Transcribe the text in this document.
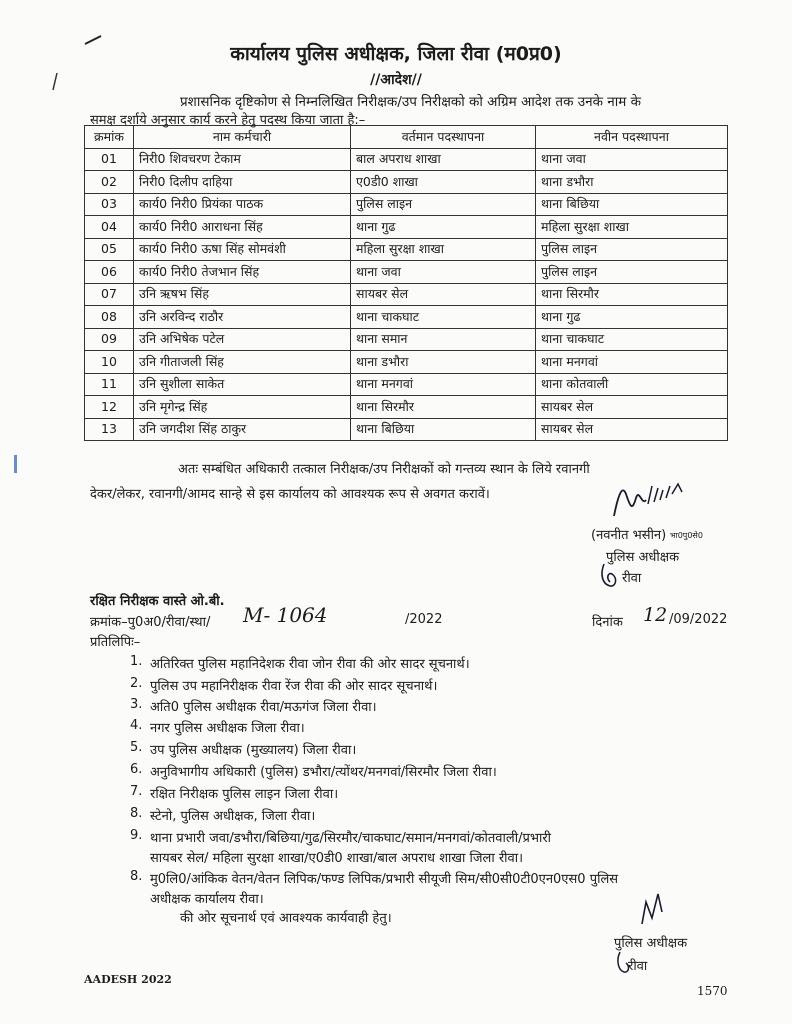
कार्यालय पुलिस अधीक्षक, जिला रीवा (म0प्र0)
//आदेश//
प्रशासनिक दृष्टिकोण से निम्नलिखित निरीक्षक/उप निरीक्षको को अग्रिम आदेश तक उनके नाम के
समक्ष दर्शाये अनुसार कार्य करने हेतु पदस्थ किया जाता है:–
क्रमांक	नाम कर्मचारी	वर्तमान पदस्थापना	नवीन पदस्थापना
01	निरी0 शिवचरण टेकाम	बाल अपराध शाखा	थाना जवा
02	निरी0 दिलीप दाहिया	ए0डी0 शाखा	थाना डभौरा
03	कार्य0 निरी0 प्रियंका पाठक	पुलिस लाइन	थाना बिछिया
04	कार्य0 निरी0 आराधना सिंह	थाना गुढ	महिला सुरक्षा शाखा
05	कार्य0 निरी0 ऊषा सिंह सोमवंशी	महिला सुरक्षा शाखा	पुलिस लाइन
06	कार्य0 निरी0 तेजभान सिंह	थाना जवा	पुलिस लाइन
07	उनि ऋषभ सिंह	सायबर सेल	थाना सिरमौर
08	उनि अरविन्द राठौर	थाना चाकघाट	थाना गुढ
09	उनि अभिषेक पटेल	थाना समान	थाना चाकघाट
10	उनि गीताजली सिंह	थाना डभौरा	थाना मनगवां
11	उनि सुशीला साकेत	थाना मनगवां	थाना कोतवाली
12	उनि मृगेन्द्र सिंह	थाना सिरमौर	सायबर सेल
13	उनि जगदीश सिंह ठाकुर	थाना बिछिया	सायबर सेल
अतः सम्बंधित अधिकारी तत्काल निरीक्षक/उप निरीक्षकों को गन्तव्य स्थान के लिये रवानगी
देकर/लेकर, रवानगी/आमद सान्हे से इस कार्यालय को आवश्यक रूप से अवगत करावें।
(नवनीत भसीन) भा0पु0से0
पुलिस अधीक्षक
रीवा
रक्षित निरीक्षक वास्ते ओ.बी.
क्रमांक–पु0अ0/रीवा/स्था/ M- 1064	/2022	दिनांक 12 /09/2022
प्रतिलिपिः–
1. अतिरिक्त पुलिस महानिदेशक रीवा जोन रीवा की ओर सादर सूचनार्थ।
2. पुलिस उप महानिरीक्षक रीवा रेंज रीवा की ओर सादर सूचनार्थ।
3. अति0 पुलिस अधीक्षक रीवा/मऊगंज जिला रीवा।
4. नगर पुलिस अधीक्षक जिला रीवा।
5. उप पुलिस अधीक्षक (मुख्यालय) जिला रीवा।
6. अनुविभागीय अधिकारी (पुलिस) डभौरा/त्योंथर/मनगवां/सिरमौर जिला रीवा।
7. रक्षित निरीक्षक पुलिस लाइन जिला रीवा।
8. स्टेनो, पुलिस अधीक्षक, जिला रीवा।
9. थाना प्रभारी जवा/डभौरा/बिछिया/गुढ/सिरमौर/चाकघाट/समान/मनगवां/कोतवाली/प्रभारी
सायबर सेल/ महिला सुरक्षा शाखा/ए0डी0 शाखा/बाल अपराध शाखा जिला रीवा।
8. मु0लि0/आंकिक वेतन/वेतन लिपिक/फण्ड लिपिक/प्रभारी सीयूजी सिम/सी0सी0टी0एन0एस0 पुलिस
अधीक्षक कार्यालय रीवा।
की ओर सूचनार्थ एवं आवश्यक कार्यवाही हेतु।
पुलिस अधीक्षक
रीवा
AADESH 2022
1570
